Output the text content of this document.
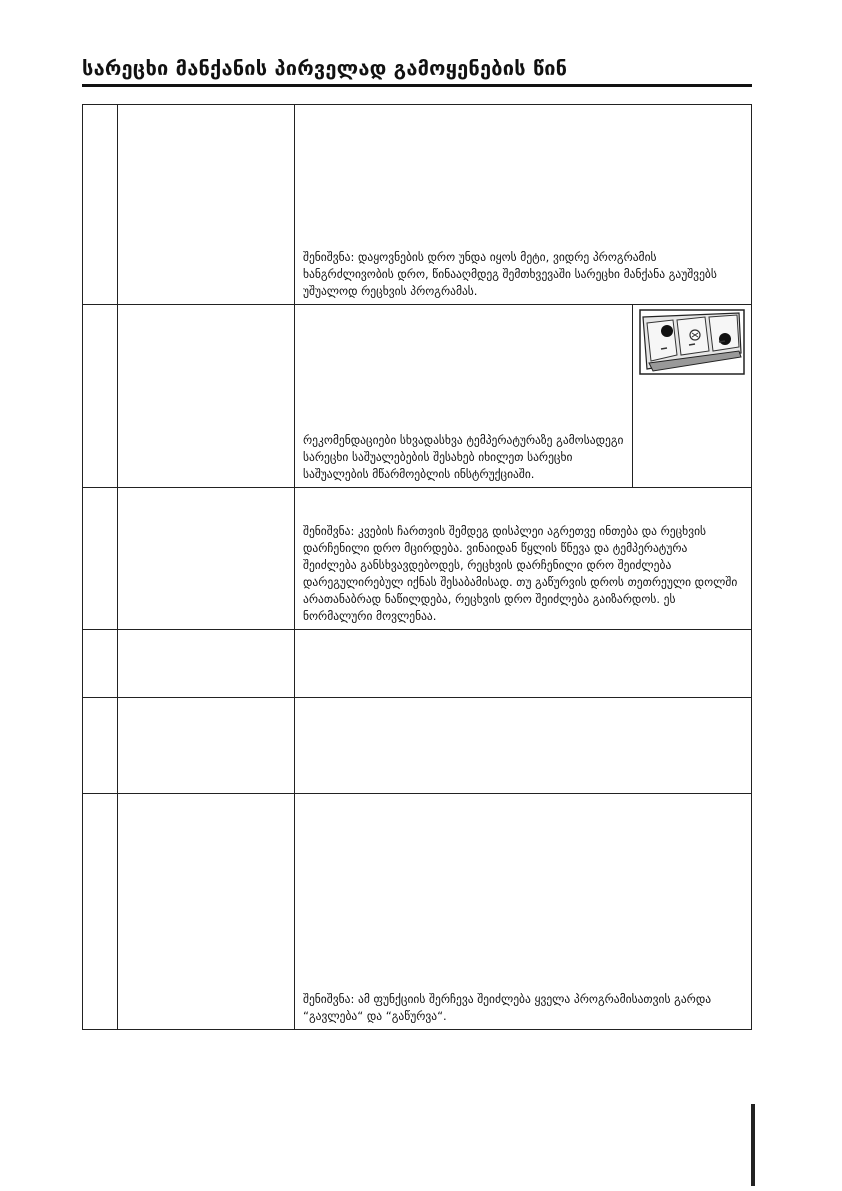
სარეცხი მანქანის პირველად გამოყენების წინ

		შენიშვნა: დაყოვნების დრო უნდა იყოს მეტი, ვიდრე პროგრამის ხანგრძლივობის დრო, წინააღმდეგ შემთხვევაში სარეცხი მანქანა გაუშვებს უშუალოდ რეცხვის პროგრამას.

		რეკომენდაციები სხვადასხვა ტემპერატურაზე გამოსადეგი სარეცხი საშუალებების შესახებ იხილეთ სარეცხი საშუალების მწარმოებლის ინსტრუქციაში.

		შენიშვნა: კვების ჩართვის შემდეგ დისპლეი აგრეთვე ინთება და რეცხვის დარჩენილი დრო მცირდება. ვინაიდან წყლის წნევა და ტემპერატურა შეიძლება განსხვავდებოდეს, რეცხვის დარჩენილი დრო შეიძლება დარეგულირებულ იქნას შესაბამისად. თუ გაწურვის დროს თეთრეული დოლში არათანაბრად ნაწილდება, რეცხვის დრო შეიძლება გაიზარდოს. ეს ნორმალური მოვლენაა.

		შენიშვნა: ამ ფუნქციის შერჩევა შეიძლება ყველა პროგრამისათვის გარდა “გავლება“ და “გაწურვა“.
